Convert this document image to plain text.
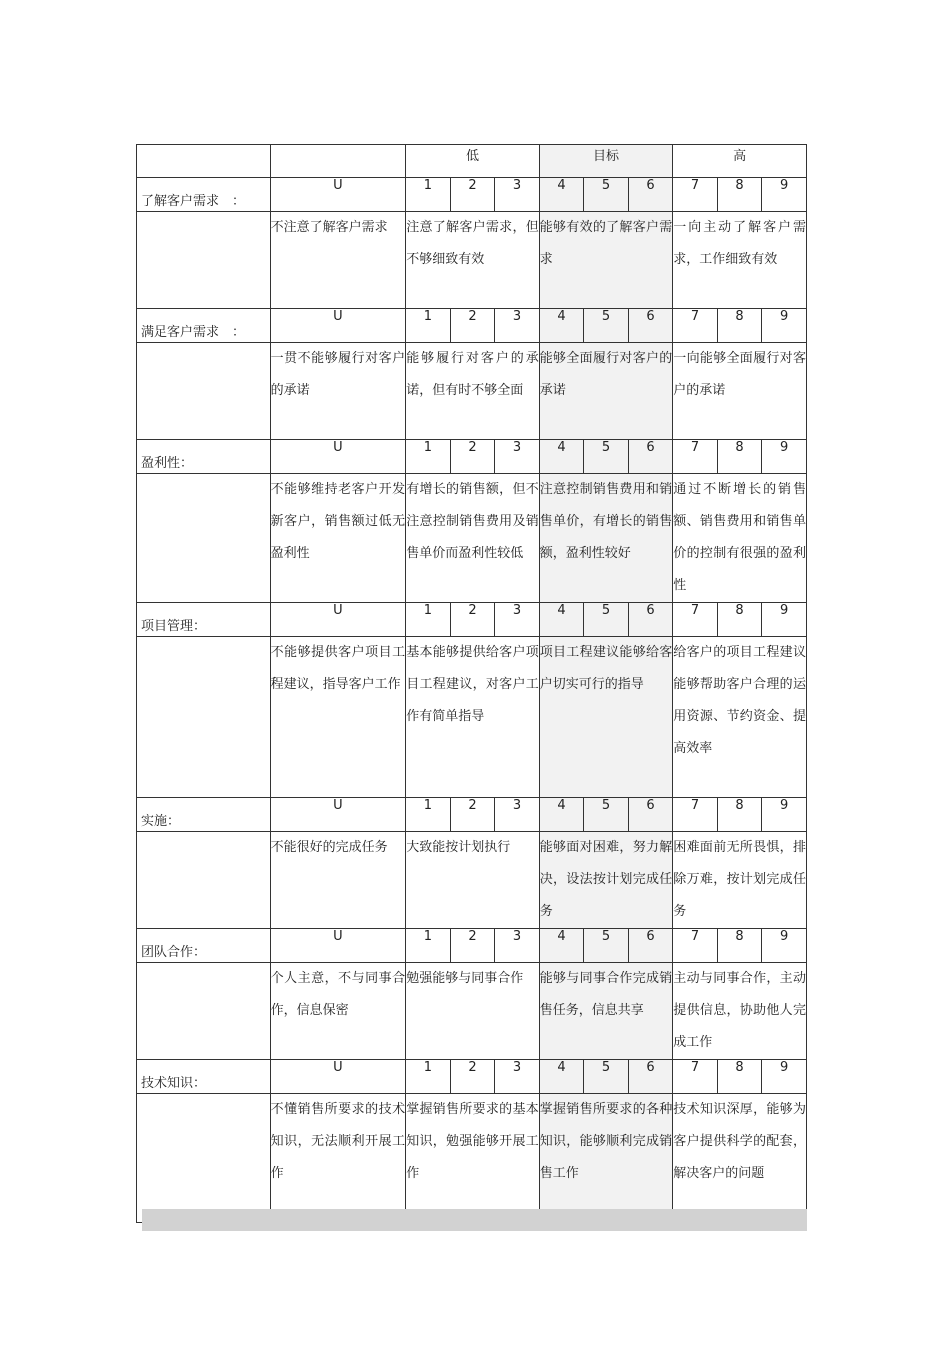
		低			目标			高		
了解客户需求　：	U	1	2	3	4	5	6	7	8	9
	不注意了解客户需求	注意了解客户需求，但不够细致有效			能够有效的了解客户需求			一向主动了解客户需求，工作细致有效		
满足客户需求　：	U	1	2	3	4	5	6	7	8	9
	一贯不能够履行对客户的承诺	能够履行对客户的承诺，但有时不够全面			能够全面履行对客户的承诺			一向能够全面履行对客户的承诺		
盈利性：	U	1	2	3	4	5	6	7	8	9
	不能够维持老客户开发新客户，销售额过低无盈利性	有增长的销售额，但不注意控制销售费用及销售单价而盈利性较低			注意控制销售费用和销售单价，有增长的销售额，盈利性较好			通过不断增长的销售额、销售费用和销售单价的控制有很强的盈利性		
项目管理：	U	1	2	3	4	5	6	7	8	9
	不能够提供客户项目工程建议，指导客户工作	基本能够提供给客户项目工程建议，对客户工作有简单指导			项目工程建议能够给客户切实可行的指导			给客户的项目工程建议能够帮助客户合理的运用资源、节约资金、提高效率		
实施：	U	1	2	3	4	5	6	7	8	9
	不能很好的完成任务	大致能按计划执行			能够面对困难，努力解决，设法按计划完成任务			困难面前无所畏惧，排除万难，按计划完成任务		
团队合作：	U	1	2	3	4	5	6	7	8	9
	个人主意，不与同事合作，信息保密	勉强能够与同事合作			能够与同事合作完成销售任务，信息共享			主动与同事合作，主动提供信息，协助他人完成工作		
技术知识：	U	1	2	3	4	5	6	7	8	9
	不懂销售所要求的技术知识，无法顺利开展工作	掌握销售所要求的基本知识，勉强能够开展工作			掌握销售所要求的各种知识，能够顺利完成销售工作			技术知识深厚，能够为客户提供科学的配套，解决客户的问题		
